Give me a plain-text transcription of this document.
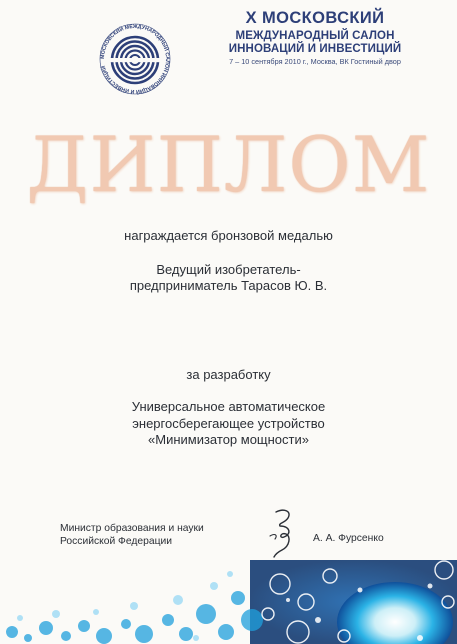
МОСКОВСКИЙ МЕЖДУНАРОДНЫЙ САЛОН ИННОВАЦИЙ И ИНВЕСТИЦИЙ
X МОСКОВСКИЙ
МЕЖДУНАРОДНЫЙ САЛОН
ИННОВАЦИЙ И ИНВЕСТИЦИЙ
7 – 10 сентября 2010 г., Москва, ВК Гостиный двор
ДИПЛОМ
награждается бронзовой медалью
Ведущий изобретатель-
предприниматель Тарасов Ю. В.
за разработку
Универсальное автоматическое
энергосберегающее устройство
«Минимизатор мощности»
Министр образования и науки
Российской Федерации	А. А. Фурсенко
